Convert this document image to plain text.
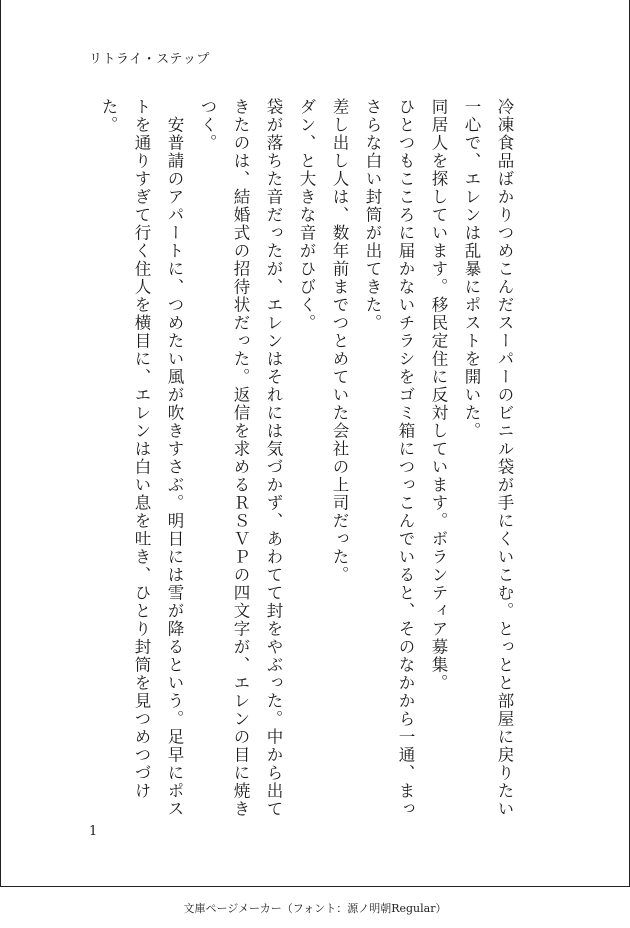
リトライ・ステップ

冷凍食品ばかりつめこんだスーパーのビニル袋が手にくいこむ。とっとと部屋に戻りたい一心で、エレンは乱暴にポストを開いた。

同居人を探しています。移民定住に反対しています。ボランティア募集。

ひとつもこころに届かないチラシをゴミ箱につっこんでいると、そのなかから一通、まっさらな白い封筒が出てきた。

差し出し人は、数年前までつとめていた会社の上司だった。

ダン、と大きな音がひびく。

袋が落ちた音だったが、エレンはそれには気づかず、あわてて封をやぶった。中から出てきたのは、結婚式の招待状だった。返信を求めるＲＳＶＰの四文字が、エレンの目に焼きつく。

　安普請のアパートに、つめたい風が吹きすさぶ。明日には雪が降るという。足早にポストを通りすぎて行く住人を横目に、エレンは白い息を吐き、ひとり封筒を見つめつづけた。

1
文庫ページメーカー（フォント：源ノ明朝Regular）
